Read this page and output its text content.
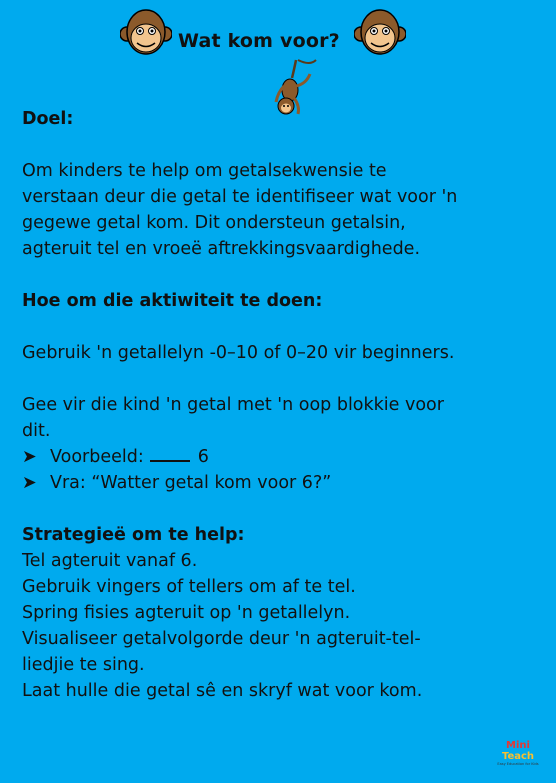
Wat kom voor?
Doel:
Om kinders te help om getalsekwensie te
verstaan deur die getal te identifiseer wat voor 'n
gegewe getal kom. Dit ondersteun getalsin,
agteruit tel en vroeë aftrekkingsvaardighede.
Hoe om die aktiwiteit te doen:
Gebruik 'n getallelyn -0–10 of 0–20 vir beginners.
Gee vir die kind 'n getal met 'n oop blokkie voor
dit.
➤ Voorbeeld:	6
➤ Vra: “Watter getal kom voor 6?”
Strategieë om te help:
Tel agteruit vanaf 6.
Gebruik vingers of tellers om af te tel.
Spring fisies agteruit op 'n getallelyn.
Visualiseer getalvolgorde deur 'n agteruit-tel-
liedjie te sing.
Laat hulle die getal sê en skryf wat voor kom.
Mini
Teach
Easy Education for Kids
